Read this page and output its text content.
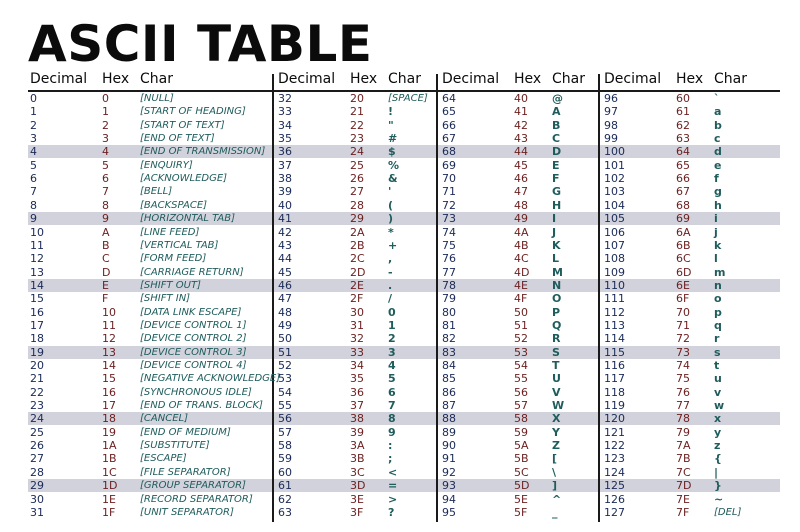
ASCII TABLE
Decimal Hex Char
0	0	[NULL]
1	1	[START OF HEADING]
2	2	[START OF TEXT]
3	3	[END OF TEXT]
4	4	[END OF TRANSMISSION]
5	5	[ENQUIRY]
6	6	[ACKNOWLEDGE]
7	7	[BELL]
8	8	[BACKSPACE]
9	9	[HORIZONTAL TAB]
10	A	[LINE FEED]
11	B	[VERTICAL TAB]
12	C	[FORM FEED]
13	D	[CARRIAGE RETURN]
14	E	[SHIFT OUT]
15	F	[SHIFT IN]
16	10 [DATA LINK ESCAPE]
17	11 [DEVICE CONTROL 1]
18	12 [DEVICE CONTROL 2]
19	13 [DEVICE CONTROL 3]
20	14 [DEVICE CONTROL 4]
21	15 [NEGATIVE ACKNOWLEDGE]
22	16 [SYNCHRONOUS IDLE]
23	17 [END OF TRANS. BLOCK]
24	18 [CANCEL]
25	19 [END OF MEDIUM]
26	1A [SUBSTITUTE]
27	1B [ESCAPE]
28	1C [FILE SEPARATOR]
29	1D [GROUP SEPARATOR]
30	1E [RECORD SEPARATOR]
31	1F [UNIT SEPARATOR]
Decimal Hex Char
32	20 [SPACE]
33	21 !
34	22 "
35	23 #
36	24 $
37	25 %
38	26 &
39	27 '
40	28 (
41	29 )
42	2A *
43	2B +
44	2C ,
45	2D -
46	2E .
47	2F /
48	30 0
49	31 1
50	32 2
51	33 3
52	34 4
53	35 5
54	36 6
55	37 7
56	38 8
57	39 9
58	3A :
59	3B ;
60	3C <
61	3D =
62	3E >
63	3F ?
Decimal Hex Char
64	40 @
65	41 A
66	42 B
67	43 C
68	44 D
69	45 E
70	46 F
71	47 G
72	48 H
73	49 I
74	4A J
75	4B K
76	4C L
77	4D M
78	4E N
79	4F O
80	50 P
81	51 Q
82	52 R
83	53 S
84	54 T
85	55 U
86	56 V
87	57 W
88	58 X
89	59 Y
90	5A Z
91	5B [
92	5C \
93	5D ]
94	5E ^
95	5F _
Decimal Hex Char
96	60 `
97	61 a
98	62 b
99	63 c
100	64 d
101	65 e
102	66 f
103	67 g
104	68 h
105	69 i
106	6A j
107	6B k
108	6C l
109	6D m
110	6E n
111	6F o
112	70 p
113	71 q
114	72 r
115	73 s
116	74 t
117	75 u
118	76 v
119	77 w
120	78 x
121	79 y
122	7A z
123	7B {
124	7C |
125	7D }
126	7E ~
127	7F [DEL]
